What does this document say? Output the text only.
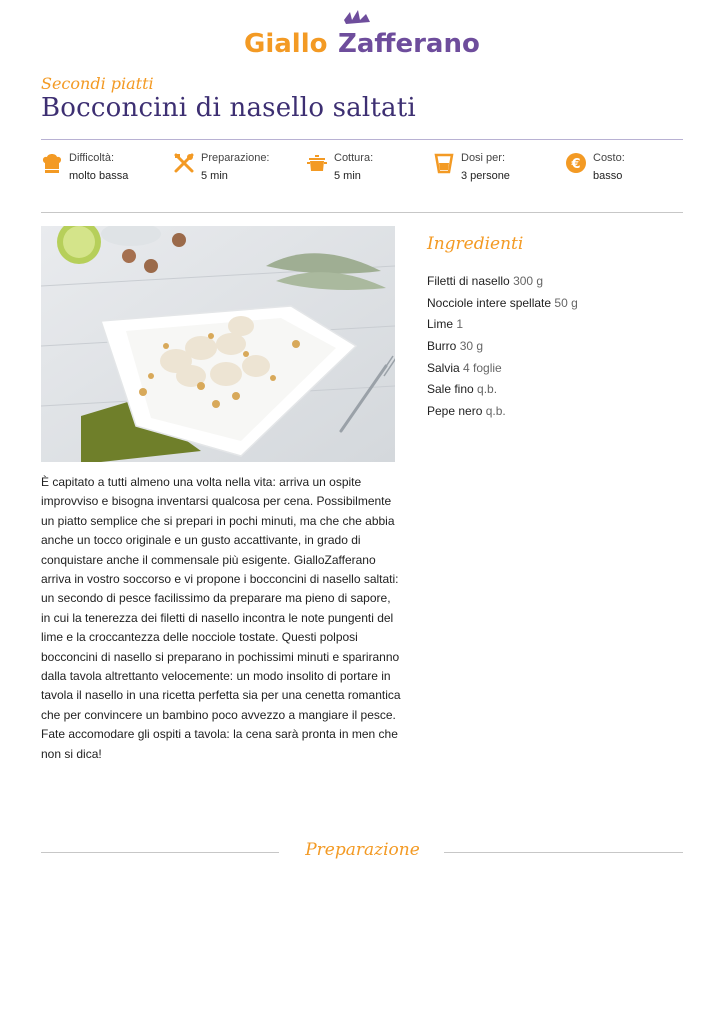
Giallo Zafferano
Secondi piatti
Bocconcini di nasello saltati
Difficoltà:
molto bassa
Preparazione:
5 min
Cottura:
5 min
Dosi per:
3 persone
€ Costo:
basso
Ingredienti
Filetti di nasello 300 g
Nocciole intere spellate 50 g
Lime 1
Burro 30 g
Salvia 4 foglie
Sale fino q.b.
Pepe nero q.b.

È capitato a tutti almeno una volta nella vita: arriva un ospite improvviso e bisogna inventarsi qualcosa per cena. Possibilmente un piatto semplice che si prepari in pochi minuti, ma che che abbia anche un tocco originale e un gusto accattivante, in grado di conquistare anche il commensale più esigente. GialloZafferano arriva in vostro soccorso e vi propone i bocconcini di nasello saltati: un secondo di pesce facilissimo da preparare ma pieno di sapore, in cui la tenerezza dei filetti di nasello incontra le note pungenti del lime e la croccantezza delle nocciole tostate. Questi polposi bocconcini di nasello si preparano in pochissimi minuti e spariranno dalla tavola altrettanto velocemente: un modo insolito di portare in tavola il nasello in una ricetta perfetta sia per una cenetta romantica che per convincere un bambino poco avvezzo a mangiare il pesce. Fate accomodare gli ospiti a tavola: la cena sarà pronta in men che non si dica!

Preparazione
